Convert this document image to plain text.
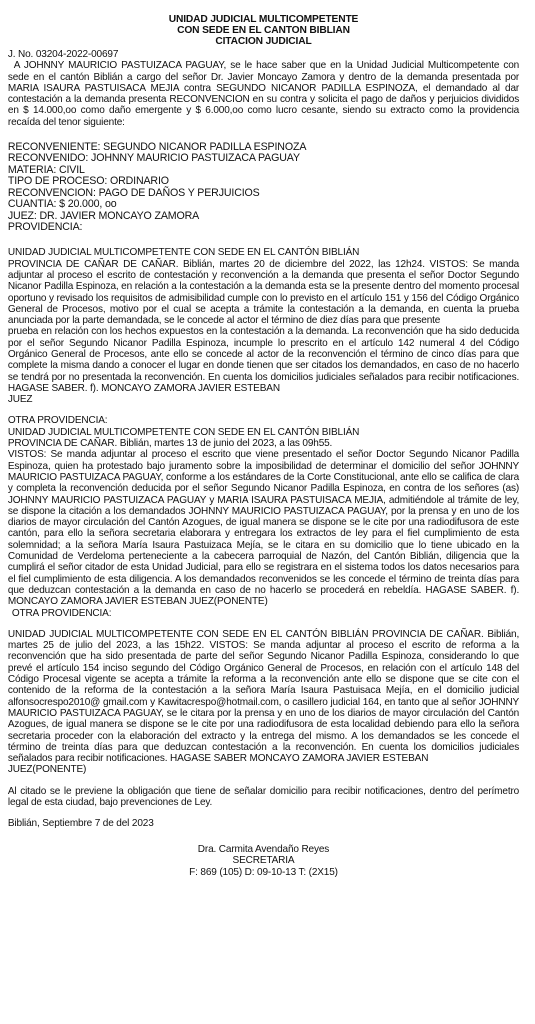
UNIDAD JUDICIAL MULTICOMPETENTE
CON SEDE EN EL CANTON BIBLIAN
CITACION JUDICIAL
J. No. 03204-2022-00697

A JOHNNY MAURICIO PASTUIZACA PAGUAY, se le hace saber que en la Unidad Judicial Multicompetente con sede en el cantón Biblián a cargo del señor Dr. Javier Moncayo Zamora y dentro de la demanda presentada por MARIA ISAURA PASTUISACA MEJIA contra SEGUNDO NICANOR PADILLA ESPINOZA, el demandado al dar contestación a la demanda presenta RECONVENCION en su contra y solicita el pago de daños y perjuicios divididos en $ 14.000,oo como daño emergente y $ 6.000,oo como lucro cesante, siendo su extracto como la providencia recaída del tenor siguiente:

RECONVENIENTE: SEGUNDO NICANOR PADILLA ESPINOZA
RECONVENIDO: JOHNNY MAURICIO PASTUIZACA PAGUAY
MATERIA: CIVIL
TIPO DE PROCESO: ORDINARIO
RECONVENCION: PAGO DE DAÑOS Y PERJUICIOS
CUANTIA: $ 20.000, oo
JUEZ: DR. JAVIER MONCAYO ZAMORA
PROVIDENCIA:
UNIDAD JUDICIAL MULTICOMPETENTE CON SEDE EN EL CANTÓN BIBLIÁN

PROVINCIA DE CAÑAR DE CAÑAR. Biblián, martes 20 de diciembre del 2022, las 12h24. VISTOS: Se manda adjuntar al proceso el escrito de contestación y reconvención a la demanda que presenta el señor Doctor Segundo Nicanor Padilla Espinoza, en relación a la contestación a la demanda esta se la presente dentro del momento procesal oportuno y revisado los requisitos de admisibilidad cumple con lo previsto en el artículo 151 y 156 del Código Orgánico General de Procesos, motivo por el cual se acepta a trámite la contestación a la demanda, en cuenta la prueba anunciada por la parte demandada, se le concede al actor el término de diez días para que presente

prueba en relación con los hechos expuestos en la contestación a la demanda. La reconvención que ha sido deducida por el señor Segundo Nicanor Padilla Espinoza, incumple lo prescrito en el artículo 142 numeral 4 del Código Orgánico General de Procesos, ante ello se concede al actor de la reconvención el término de cinco días para que complete la misma dando a conocer el lugar en donde tienen que ser citados los demandados, en caso de no hacerlo se tendrá por no presentada la reconvención. En cuenta los domicilios judiciales señalados para recibir notificaciones. HAGASE SABER. f). MONCAYO ZAMORA JAVIER ESTEBAN

JUEZ
OTRA PROVIDENCIA:
UNIDAD JUDICIAL MULTICOMPETENTE CON SEDE EN EL CANTÓN BIBLIÁN
PROVINCIA DE CAÑAR. Biblián, martes 13 de junio del 2023, a las 09h55.

VISTOS: Se manda adjuntar al proceso el escrito que viene presentado el señor Doctor Segundo Nicanor Padilla Espinoza, quien ha protestado bajo juramento sobre la imposibilidad de determinar el domicilio del señor JOHNNY MAURICIO PASTUIZACA PAGUAY, conforme a los estándares de la Corte Constitucional, ante ello se califica de clara y completa la reconvención deducida por el señor Segundo Nicanor Padilla Espinoza, en contra de los señores (as) JOHNNY MAURICIO PASTUIZACA PAGUAY y MARIA ISAURA PASTUISACA MEJIA, admitiéndole al trámite de ley, se dispone la citación a los demandados JOHNNY MAURICIO PASTUIZACA PAGUAY, por la prensa y en uno de los diarios de mayor circulación del Cantón Azogues, de igual manera se dispone se le cite por una radiodifusora de este cantón, para ello la señora secretaria elaborara y entregara los extractos de ley para el fiel cumplimiento de esta solemnidad; a la señora María Isaura Pastuizaca Mejía, se le citara en su domicilio que lo tiene ubicado en la Comunidad de Verdeloma perteneciente a la cabecera parroquial de Nazón, del Cantón Biblián, diligencia que la cumplirá el señor citador de esta Unidad Judicial, para ello se registrara en el sistema todos los datos necesarios para el fiel cumplimiento de esta diligencia. A los demandados reconvenidos se les concede el término de treinta días para que deduzcan contestación a la demanda en caso de no hacerlo se procederá en rebeldía. HAGASE SABER. f). MONCAYO ZAMORA JAVIER ESTEBAN JUEZ(PONENTE)

OTRA PROVIDENCIA:

UNIDAD JUDICIAL MULTICOMPETENTE CON SEDE EN EL CANTÓN BIBLIÁN PROVINCIA DE CAÑAR. Biblián, martes 25 de julio del 2023, a las 15h22. VISTOS: Se manda adjuntar al proceso el escrito de reforma a la reconvención que ha sido presentada de parte del señor Segundo Nicanor Padilla Espinoza, considerando lo que prevé el artículo 154 inciso segundo del Código Orgánico General de Procesos, en relación con el artículo 148 del Código Procesal vigente se acepta a trámite la reforma a la reconvención ante ello se dispone que se cite con el contenido de la reforma de la contestación a la señora María Isaura Pastuisaca Mejía, en el domicilio judicial alfonsocrespo2010@ gmail.com y Kawitacrespo@hotmail.com, o casillero judicial 164, en tanto que al señor JOHNNY MAURICIO PASTUIZACA PAGUAY, se le citara por la prensa y en uno de los diarios de mayor circulación del Cantón Azogues, de igual manera se dispone se le cite por una radiodifusora de esta localidad debiendo para ello la señora secretaria proceder con la elaboración del extracto y la entrega del mismo. A los demandados se les concede el término de treinta días para que deduzcan contestación a la reconvención. En cuenta los domicilios judiciales señalados para recibir notificaciones. HAGASE SABER MONCAYO ZAMORA JAVIER ESTEBAN

JUEZ(PONENTE)

Al citado se le previene la obligación que tiene de señalar domicilio para recibir notificaciones, dentro del perímetro legal de esta ciudad, bajo prevenciones de Ley.

Biblián, Septiembre 7 de del 2023
Dra. Carmita Avendaño Reyes
SECRETARIA
F: 869 (105) D: 09-10-13 T: (2X15)
